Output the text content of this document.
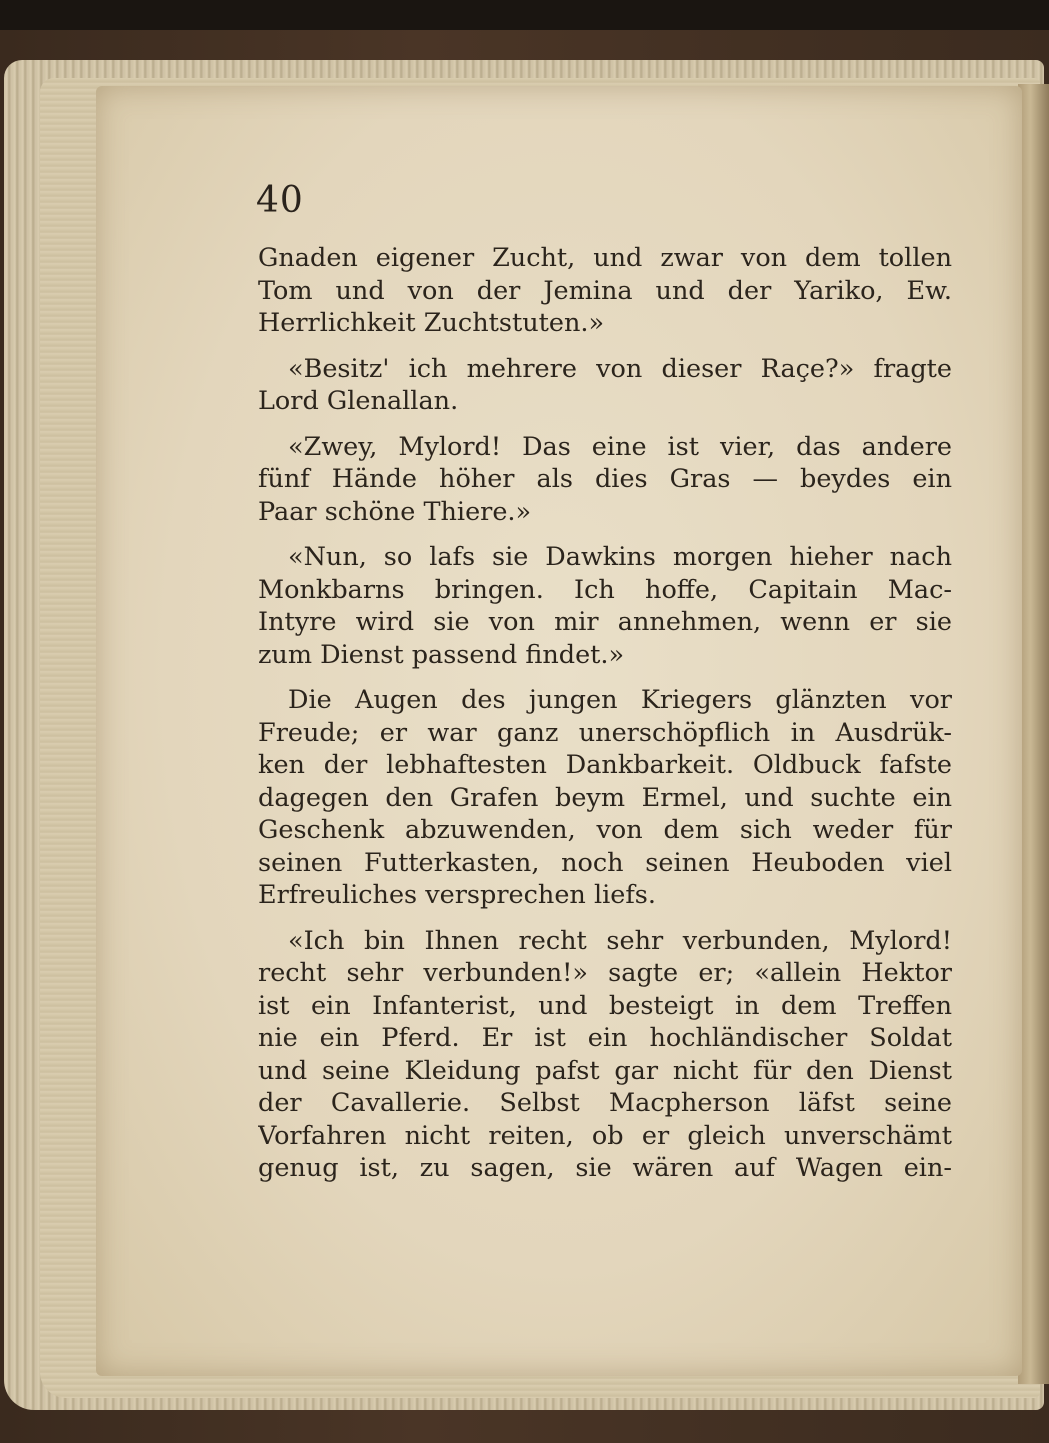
40
Gnaden eigener Zucht, und zwar von dem tollen
Tom und von der Jemina und der Yariko, Ew.
Herrlichkeit Zuchtstuten.»
«Besitz' ich mehrere von dieser Raçe?» fragte
Lord Glenallan.
«Zwey, Mylord! Das eine ist vier, das andere
fünf Hände höher als dies Gras — beydes ein
Paar schöne Thiere.»
«Nun, so lafs sie Dawkins morgen hieher nach
Monkbarns bringen. Ich hoffe, Capitain Mac-
Intyre wird sie von mir annehmen, wenn er sie
zum Dienst passend findet.»
Die Augen des jungen Kriegers glänzten vor
Freude; er war ganz unerschöpflich in Ausdrük-
ken der lebhaftesten Dankbarkeit. Oldbuck fafste
dagegen den Grafen beym Ermel, und suchte ein
Geschenk abzuwenden, von dem sich weder für
seinen Futterkasten, noch seinen Heuboden viel
Erfreuliches versprechen liefs.
«Ich bin Ihnen recht sehr verbunden, Mylord!
recht sehr verbunden!» sagte er; «allein Hektor
ist ein Infanterist, und besteigt in dem Treffen
nie ein Pferd. Er ist ein hochländischer Soldat
und seine Kleidung pafst gar nicht für den Dienst
der Cavallerie. Selbst Macpherson läfst seine
Vorfahren nicht reiten, ob er gleich unverschämt
genug ist, zu sagen, sie wären auf Wagen ein-
